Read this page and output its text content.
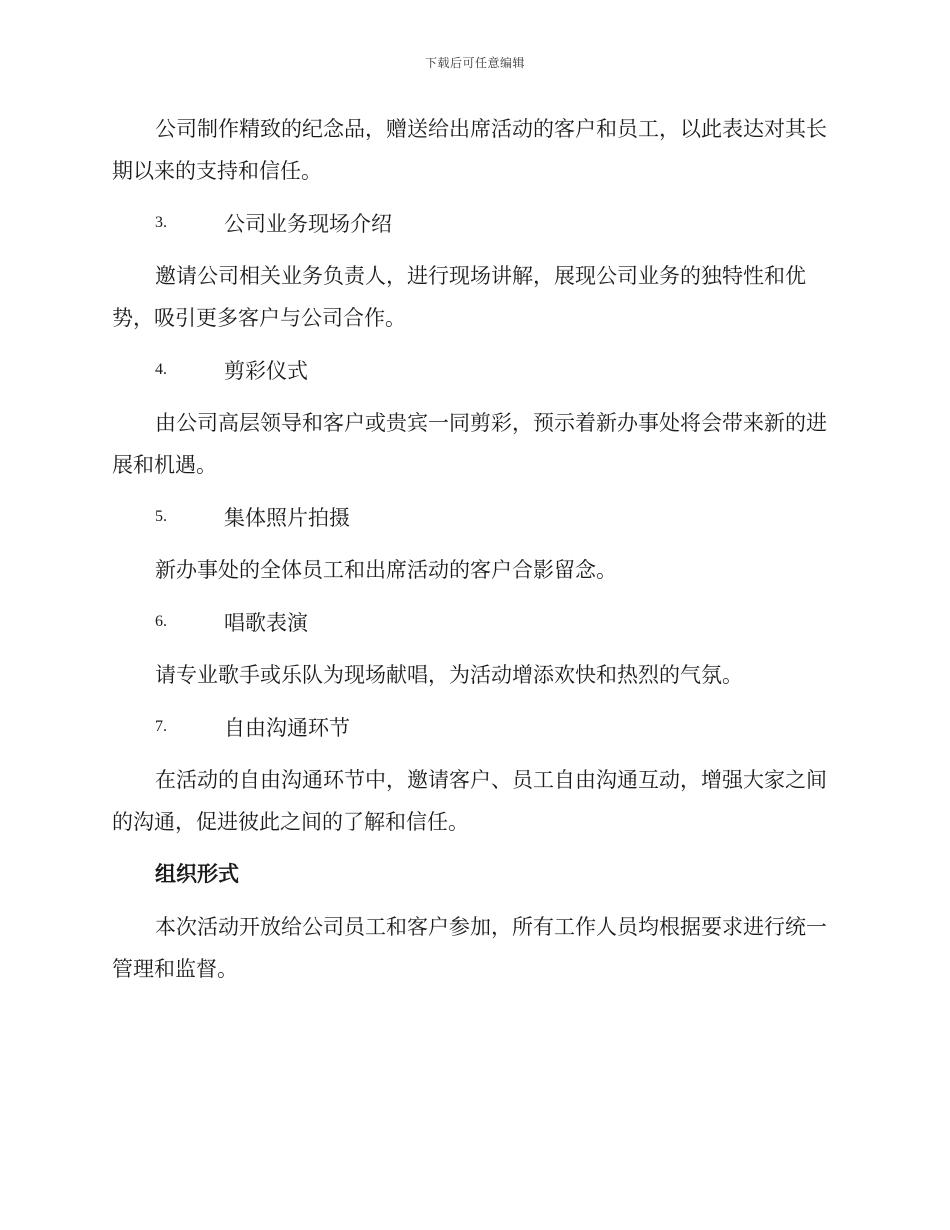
下载后可任意编辑

公司制作精致的纪念品，赠送给出席活动的客户和员工，以此表达对其长期以来的支持和信任。

3.	公司业务现场介绍

邀请公司相关业务负责人，进行现场讲解，展现公司业务的独特性和优势，吸引更多客户与公司合作。

4.	剪彩仪式

由公司高层领导和客户或贵宾一同剪彩，预示着新办事处将会带来新的进展和机遇。

5.	集体照片拍摄

新办事处的全体员工和出席活动的客户合影留念。

6.	唱歌表演

请专业歌手或乐队为现场献唱，为活动增添欢快和热烈的气氛。

7.	自由沟通环节

在活动的自由沟通环节中，邀请客户、员工自由沟通互动，增强大家之间的沟通，促进彼此之间的了解和信任。

组织形式

本次活动开放给公司员工和客户参加，所有工作人员均根据要求进行统一管理和监督。
